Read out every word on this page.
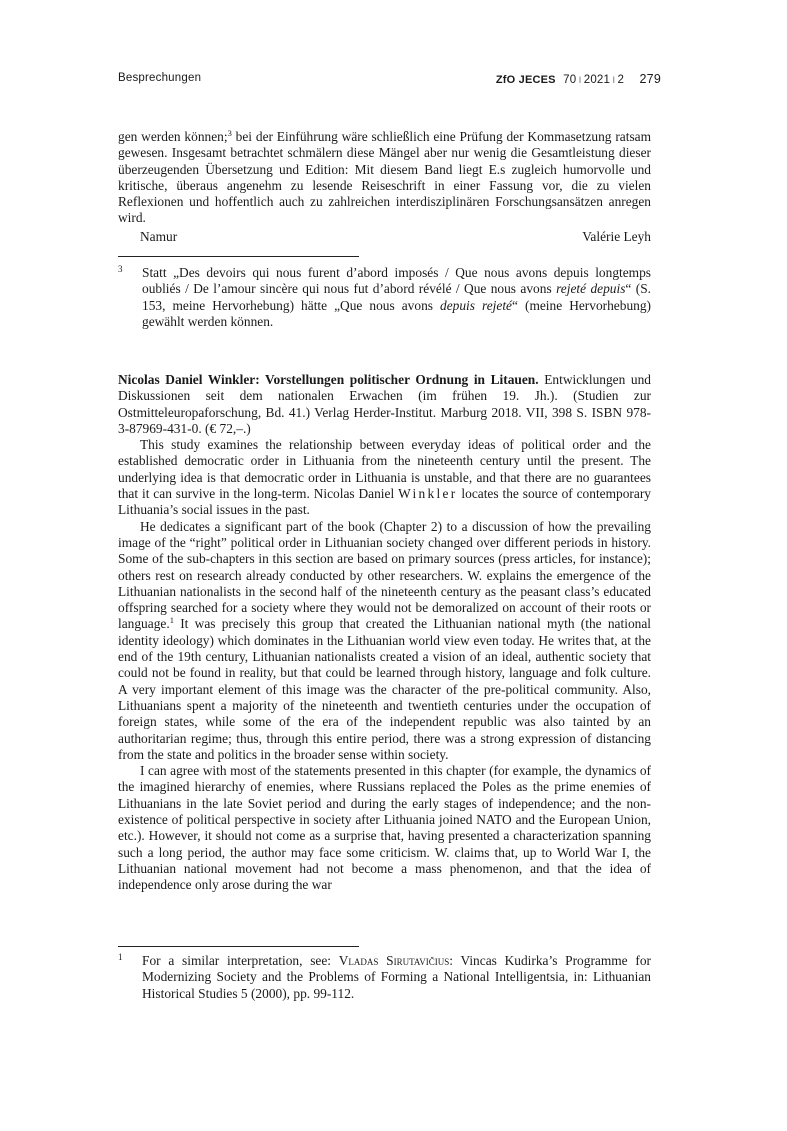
Besprechungen	ZfO JECES 70 ı 2021 ı 2 279

gen werden können;$^3$ bei der Einführung wäre schließlich eine Prüfung der Kommasetzung ratsam gewesen. Insgesamt betrachtet schmälern diese Mängel aber nur wenig die Gesamtleistung dieser überzeugenden Übersetzung und Edition: Mit diesem Band liegt E.s zugleich humorvolle und kritische, überaus angenehm zu lesende Reiseschrift in einer Fassung vor, die zu vielen Reflexionen und hoffentlich auch zu zahlreichen interdisziplinären Forschungsansätzen anregen wird.

Namur	Valérie Leyh
3 Statt „Des devoirs qui nous furent d’abord imposés / Que nous avons depuis longtemps oubliés / De l’amour sincère qui nous fut d’abord révélé / Que nous avons rejeté depuis“ (S. 153, meine Hervorhebung) hätte „Que nous avons depuis rejeté“ (meine Hervorhebung) gewählt werden können.

Nicolas Daniel Winkler: Vorstellungen politischer Ordnung in Litauen. Entwicklungen und Diskussionen seit dem nationalen Erwachen (im frühen 19. Jh.). (Studien zur Ostmitteleuropaforschung, Bd. 41.) Verlag Herder-Institut. Marburg 2018. VII, 398 S. ISBN 978-3-87969-431-0. (€ 72,–.)

This study examines the relationship between everyday ideas of political order and the established democratic order in Lithuania from the nineteenth century until the present. The underlying idea is that democratic order in Lithuania is unstable, and that there are no guarantees that it can survive in the long-term. Nicolas Daniel Winkler locates the source of contemporary Lithuania’s social issues in the past.

He dedicates a significant part of the book (Chapter 2) to a discussion of how the prevailing image of the “right” political order in Lithuanian society changed over different periods in history. Some of the sub-chapters in this section are based on primary sources (press articles, for instance); others rest on research already conducted by other researchers. W. explains the emergence of the Lithuanian nationalists in the second half of the nineteenth century as the peasant class’s educated offspring searched for a society where they would not be demoralized on account of their roots or language.$^1$ It was precisely this group that created the Lithuanian national myth (the national identity ideology) which dominates in the Lithuanian world view even today. He writes that, at the end of the 19th century, Lithuanian nationalists created a vision of an ideal, authentic society that could not be found in reality, but that could be learned through history, language and folk culture. A very important element of this image was the character of the pre-political community. Also, Lithuanians spent a majority of the nineteenth and twentieth centuries under the occupation of foreign states, while some of the era of the independent republic was also tainted by an authoritarian regime; thus, through this entire period, there was a strong expression of distancing from the state and politics in the broader sense within society.

I can agree with most of the statements presented in this chapter (for example, the dynamics of the imagined hierarchy of enemies, where Russians replaced the Poles as the prime enemies of Lithuanians in the late Soviet period and during the early stages of independence; and the non-existence of political perspective in society after Lithuania joined NATO and the European Union, etc.). However, it should not come as a surprise that, having presented a characterization spanning such a long period, the author may face some criticism. W. claims that, up to World War I, the Lithuanian national movement had not become a mass phenomenon, and that the idea of independence only arose during the war

1 For a similar interpretation, see: Vladas Sirutavičius: Vincas Kudirka’s Programme for Modernizing Society and the Problems of Forming a National Intelligentsia, in: Lithuanian Historical Studies 5 (2000), pp. 99-112.
